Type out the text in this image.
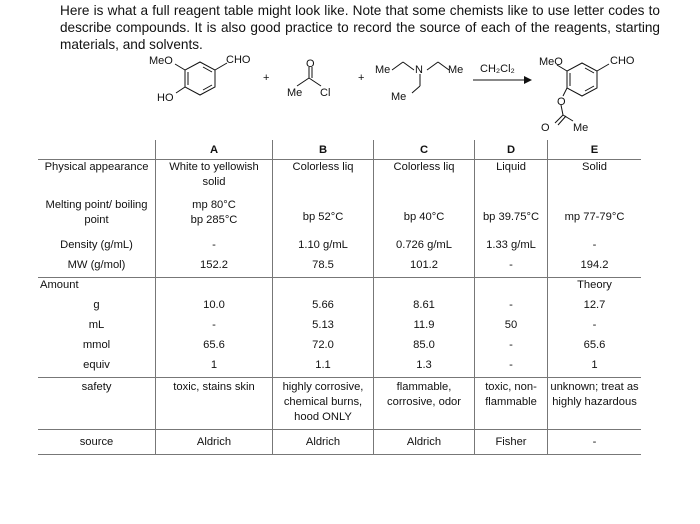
Here is what a full reagent table might look like. Note that some chemists like to use letter codes to describe compounds. It is also good practice to record the source of each of the reagents, starting materials, and solvents.
MeO	CHO
HO
+
O
Me Cl
+
Me N Me
Me
CH₂Cl₂
MeO	CHO
O
O Me
	A	B	C	D	E
Physical appearance	White to yellowish solid	Colorless liq	Colorless liq	Liquid	Solid
Melting point/ boiling point	mp 80°C bp 285°C	bp 52°C	bp 40°C	bp 39.75°C	mp 77-79°C
Density (g/mL)	-	1.10 g/mL	0.726 g/mL	1.33 g/mL	-
MW (g/mol)	152.2	78.5	101.2	-	194.2
Amount					Theory
g	10.0	5.66	8.61	-	12.7
mL	-	5.13	11.9	50	-
mmol	65.6	72.0	85.0	-	65.6
equiv	1	1.1	1.3	-	1
safety	toxic, stains skin	highly corrosive, chemical burns, hood ONLY	flammable, corrosive, odor	toxic, non-flammable	unknown; treat as highly hazardous
source	Aldrich	Aldrich	Aldrich	Fisher	-
